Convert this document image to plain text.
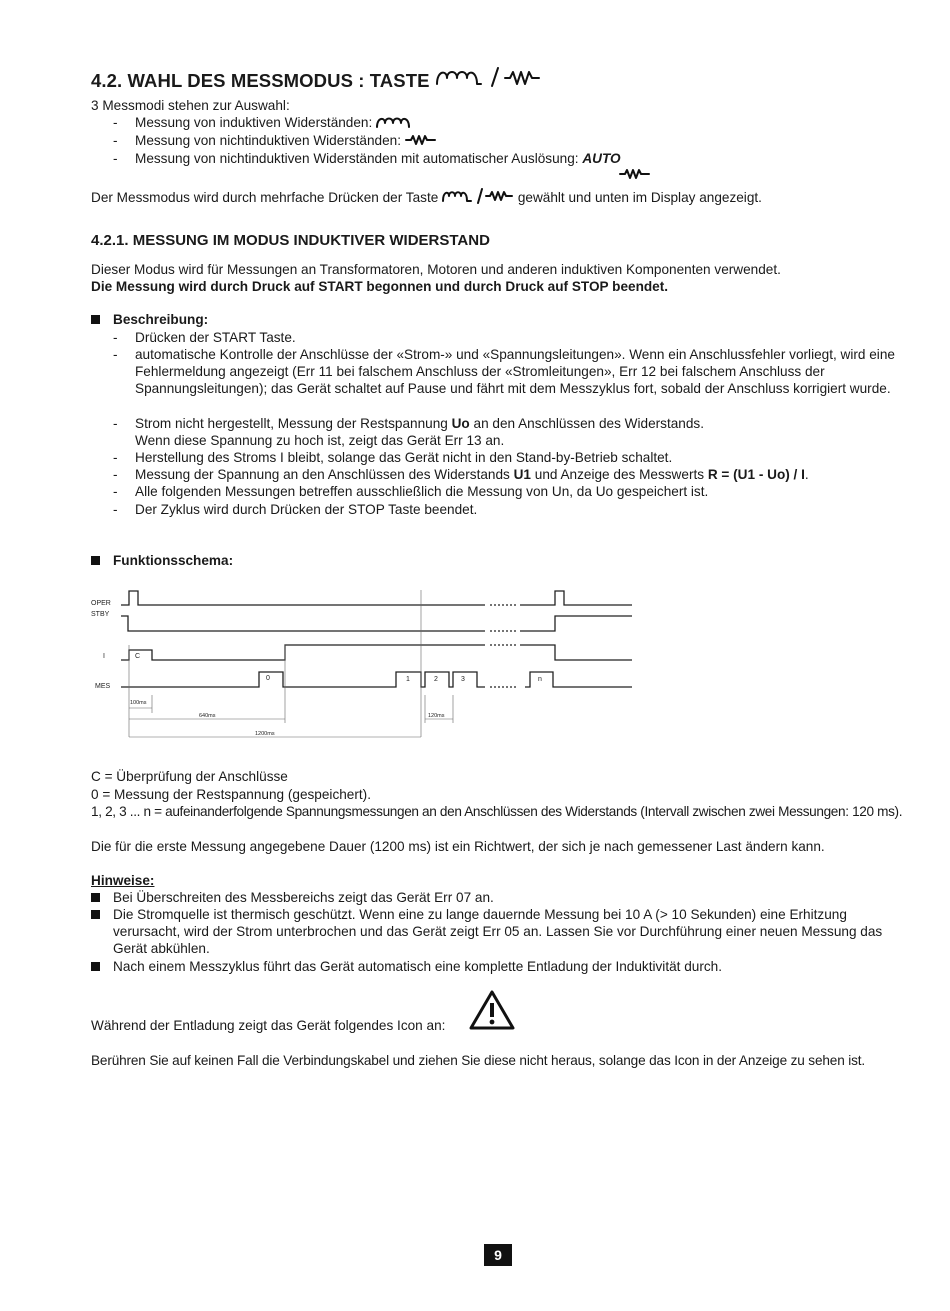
4.2. WAHL DES MESSMODUS : TASTE

3 Messmodi stehen zur Auswahl:

- Messung von induktiven Widerständen:
- Messung von nichtinduktiven Widerständen:
- Messung von nichtinduktiven Widerständen mit automatischer Auslösung: AUTO
Der Messmodus wird durch mehrfache Drücken der Taste	gewählt und unten im Display angezeigt.
4.2.1. MESSUNG IM MODUS INDUKTIVER WIDERSTAND

Dieser Modus wird für Messungen an Transformatoren, Motoren und anderen induktiven Komponenten verwendet.

Die Messung wird durch Druck auf START begonnen und durch Druck auf STOP beendet.

Beschreibung:
- Drücken der START Taste.
- automatische Kontrolle der Anschlüsse der «Strom-» und «Spannungsleitungen». Wenn ein Anschlussfehler vorliegt, wird eine Fehlermeldung angezeigt (Err 11 bei falschem Anschluss der «Stromleitungen», Err 12 bei falschem Anschluss der Spannungsleitungen); das Gerät schaltet auf Pause und fährt mit dem Messzyklus fort, sobald der Anschluss korrigiert wurde.
- Strom nicht hergestellt, Messung der Restspannung Uo an den Anschlüssen des Widerstands.
Wenn diese Spannung zu hoch ist, zeigt das Gerät Err 13 an.
- Herstellung des Stroms I bleibt, solange das Gerät nicht in den Stand-by-Betrieb schaltet.
- Messung der Spannung an den Anschlüssen des Widerstands U1 und Anzeige des Messwerts R = (U1 - Uo) / I.
- Alle folgenden Messungen betreffen ausschließlich die Messung von Un, da Uo gespeichert ist.
- Der Zyklus wird durch Drücken der STOP Taste beendet.
Funktionsschema:
OPER
STBY
I
MES
C
0	1	2	3	n
100ms
640ms	120ms
1200ms

C = Überprüfung der Anschlüsse

0 = Messung der Restspannung (gespeichert).

1, 2, 3 ... n = aufeinanderfolgende Spannungsmessungen an den Anschlüssen des Widerstands (Intervall zwischen zwei Messungen: 120 ms).

Die für die erste Messung angegebene Dauer (1200 ms) ist ein Richtwert, der sich je nach gemessener Last ändern kann.

Hinweise:
Bei Überschreiten des Messbereichs zeigt das Gerät Err 07 an.
Die Stromquelle ist thermisch geschützt. Wenn eine zu lange dauernde Messung bei 10 A (> 10 Sekunden) eine Erhitzung verursacht, wird der Strom unterbrochen und das Gerät zeigt Err 05 an. Lassen Sie vor Durchführung einer neuen Messung das Gerät abkühlen.
Nach einem Messzyklus führt das Gerät automatisch eine komplette Entladung der Induktivität durch.

Während der Entladung zeigt das Gerät folgendes Icon an:

Berühren Sie auf keinen Fall die Verbindungskabel und ziehen Sie diese nicht heraus, solange das Icon in der Anzeige zu sehen ist.

9
